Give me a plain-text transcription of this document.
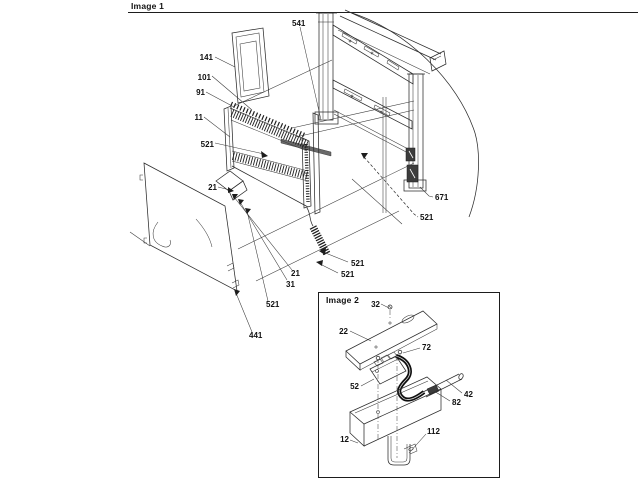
Image 1
541
141
101
91
11
521
21
671
521
521
521
21
31
521
441
Image 2 32
22
72
52
42
82
12
112
